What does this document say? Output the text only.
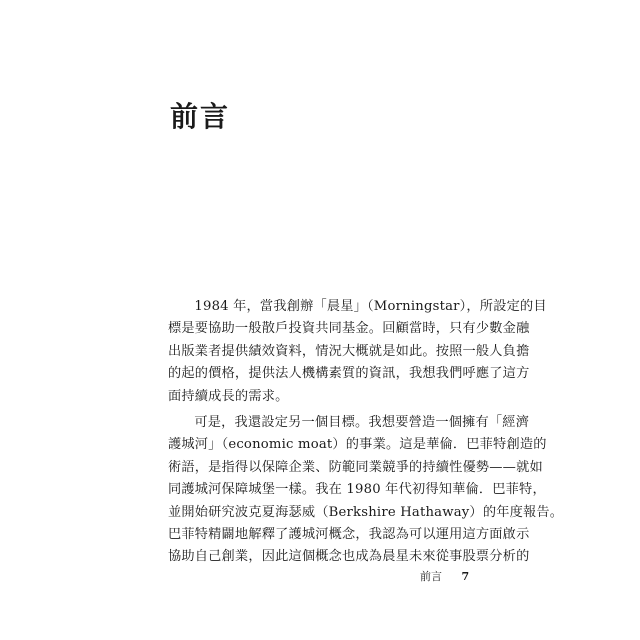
前言

1984 年，當我創辦「晨星」（Morningstar），所設定的目
標是要協助一般散戶投資共同基金。回顧當時，只有少數金融
出版業者提供績效資料，情況大概就是如此。按照一般人負擔
的起的價格，提供法人機構素質的資訊，我想我們呼應了這方
面持續成長的需求。

可是，我還設定另一個目標。我想要營造一個擁有「經濟
護城河」（economic moat）的事業。這是華倫．巴菲特創造的
術語，是指得以保障企業、防範同業競爭的持續性優勢——就如
同護城河保障城堡一樣。我在 1980 年代初得知華倫．巴菲特，
並開始研究波克夏海瑟威（Berkshire Hathaway）的年度報告。
巴菲特精闢地解釋了護城河概念，我認為可以運用這方面啟示
協助自己創業，因此這個概念也成為晨星未來從事股票分析的

前言 7
